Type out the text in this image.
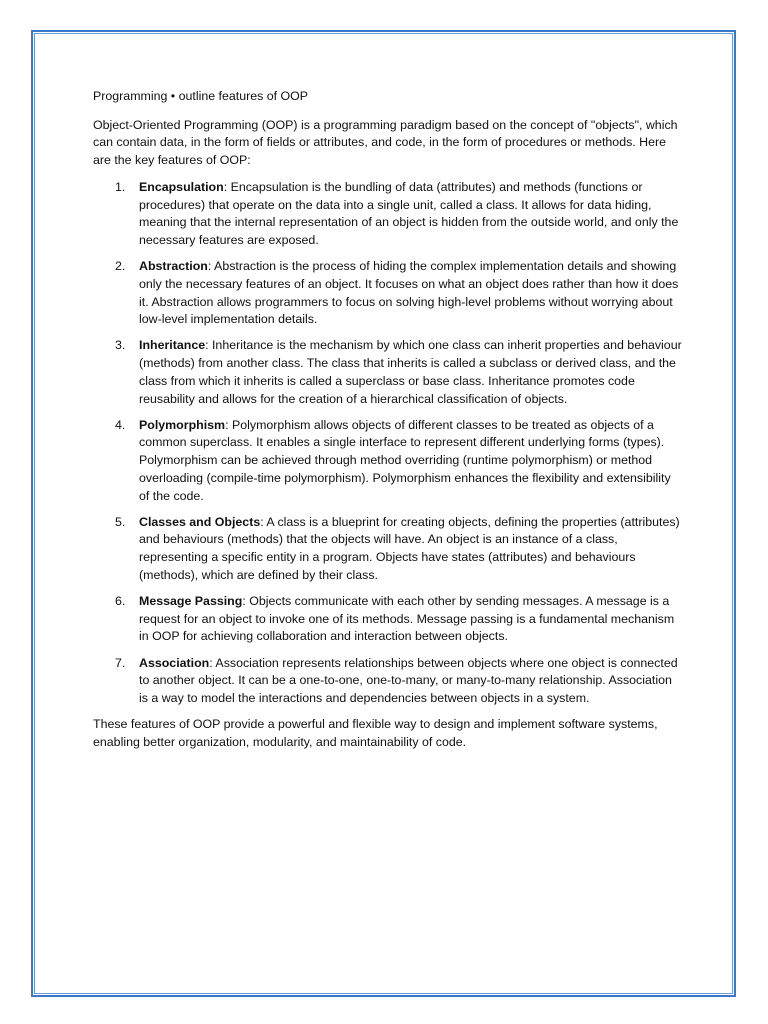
Programming • outline features of OOP

Object-Oriented Programming (OOP) is a programming paradigm based on the concept of "objects", which can contain data, in the form of fields or attributes, and code, in the form of procedures or methods. Here are the key features of OOP:

1. Encapsulation: Encapsulation is the bundling of data (attributes) and methods (functions or procedures) that operate on the data into a single unit, called a class. It allows for data hiding, meaning that the internal representation of an object is hidden from the outside world, and only the necessary features are exposed.
2. Abstraction: Abstraction is the process of hiding the complex implementation details and showing only the necessary features of an object. It focuses on what an object does rather than how it does it. Abstraction allows programmers to focus on solving high-level problems without worrying about low-level implementation details.
3. Inheritance: Inheritance is the mechanism by which one class can inherit properties and behaviour (methods) from another class. The class that inherits is called a subclass or derived class, and the class from which it inherits is called a superclass or base class. Inheritance promotes code reusability and allows for the creation of a hierarchical classification of objects.
4. Polymorphism: Polymorphism allows objects of different classes to be treated as objects of a common superclass. It enables a single interface to represent different underlying forms (types). Polymorphism can be achieved through method overriding (runtime polymorphism) or method overloading (compile-time polymorphism). Polymorphism enhances the flexibility and extensibility of the code.
5. Classes and Objects: A class is a blueprint for creating objects, defining the properties (attributes) and behaviours (methods) that the objects will have. An object is an instance of a class, representing a specific entity in a program. Objects have states (attributes) and behaviours (methods), which are defined by their class.
6. Message Passing: Objects communicate with each other by sending messages. A message is a request for an object to invoke one of its methods. Message passing is a fundamental mechanism in OOP for achieving collaboration and interaction between objects.
7. Association: Association represents relationships between objects where one object is connected to another object. It can be a one-to-one, one-to-many, or many-to-many relationship. Association is a way to model the interactions and dependencies between objects in a system.

These features of OOP provide a powerful and flexible way to design and implement software systems, enabling better organization, modularity, and maintainability of code.
